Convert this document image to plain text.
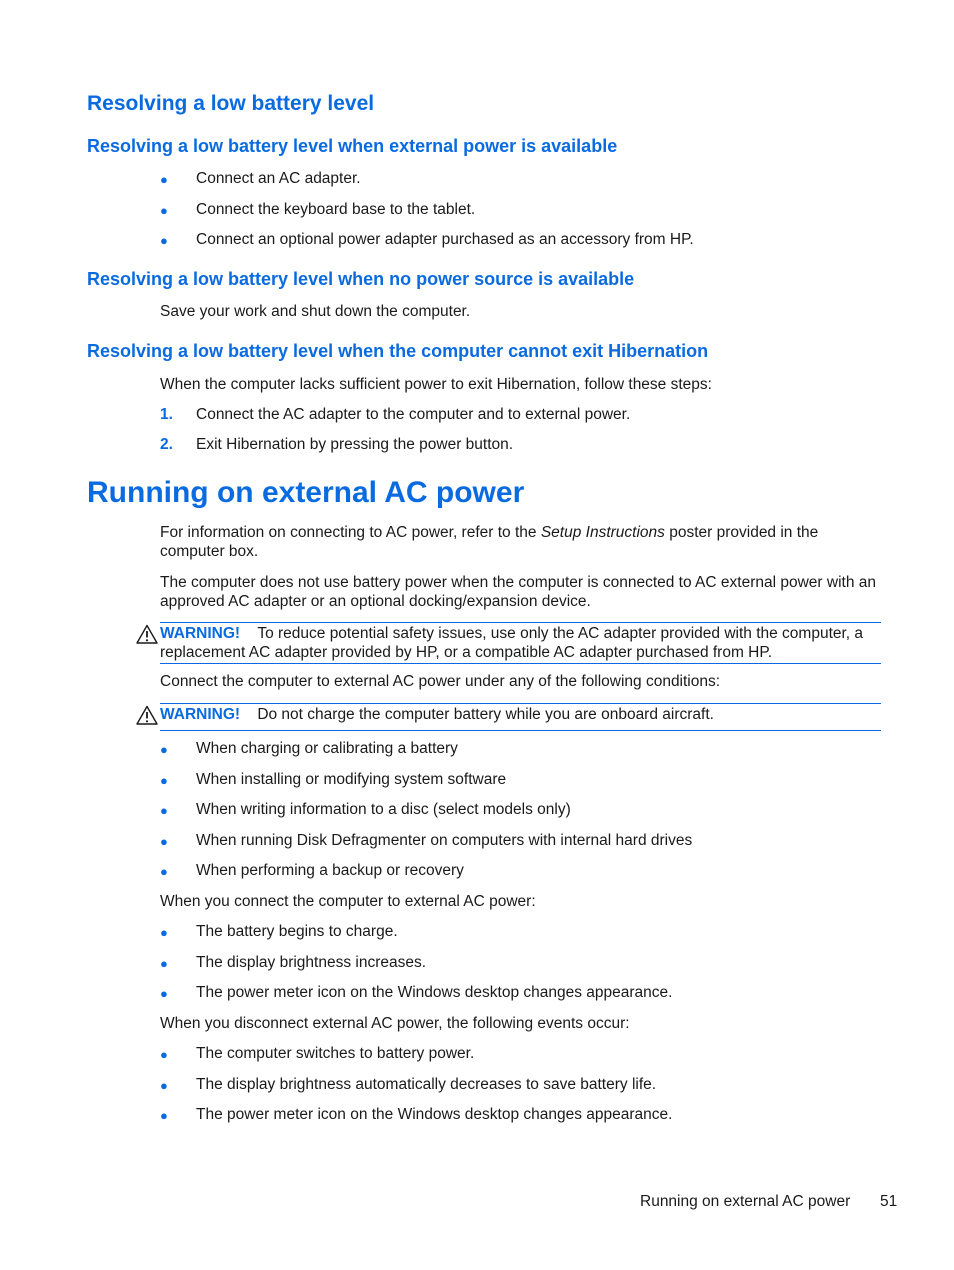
Resolving a low battery level
Resolving a low battery level when external power is available
● Connect an AC adapter.
● Connect the keyboard base to the tablet.
● Connect an optional power adapter purchased as an accessory from HP.
Resolving a low battery level when no power source is available
Save your work and shut down the computer.
Resolving a low battery level when the computer cannot exit Hibernation
When the computer lacks sufficient power to exit Hibernation, follow these steps:
1. Connect the AC adapter to the computer and to external power.
2. Exit Hibernation by pressing the power button.
Running on external AC power
For information on connecting to AC power, refer to the Setup Instructions poster provided in the computer box.
The computer does not use battery power when the computer is connected to AC external power with an approved AC adapter or an optional docking/expansion device.
WARNING! To reduce potential safety issues, use only the AC adapter provided with the computer, a replacement AC adapter provided by HP, or a compatible AC adapter purchased from HP.
Connect the computer to external AC power under any of the following conditions:
WARNING! Do not charge the computer battery while you are onboard aircraft.
● When charging or calibrating a battery
● When installing or modifying system software
● When writing information to a disc (select models only)
● When running Disk Defragmenter on computers with internal hard drives
● When performing a backup or recovery
When you connect the computer to external AC power:
● The battery begins to charge.
● The display brightness increases.
● The power meter icon on the Windows desktop changes appearance.
When you disconnect external AC power, the following events occur:
● The computer switches to battery power.
● The display brightness automatically decreases to save battery life.
● The power meter icon on the Windows desktop changes appearance.
Running on external AC power 51
